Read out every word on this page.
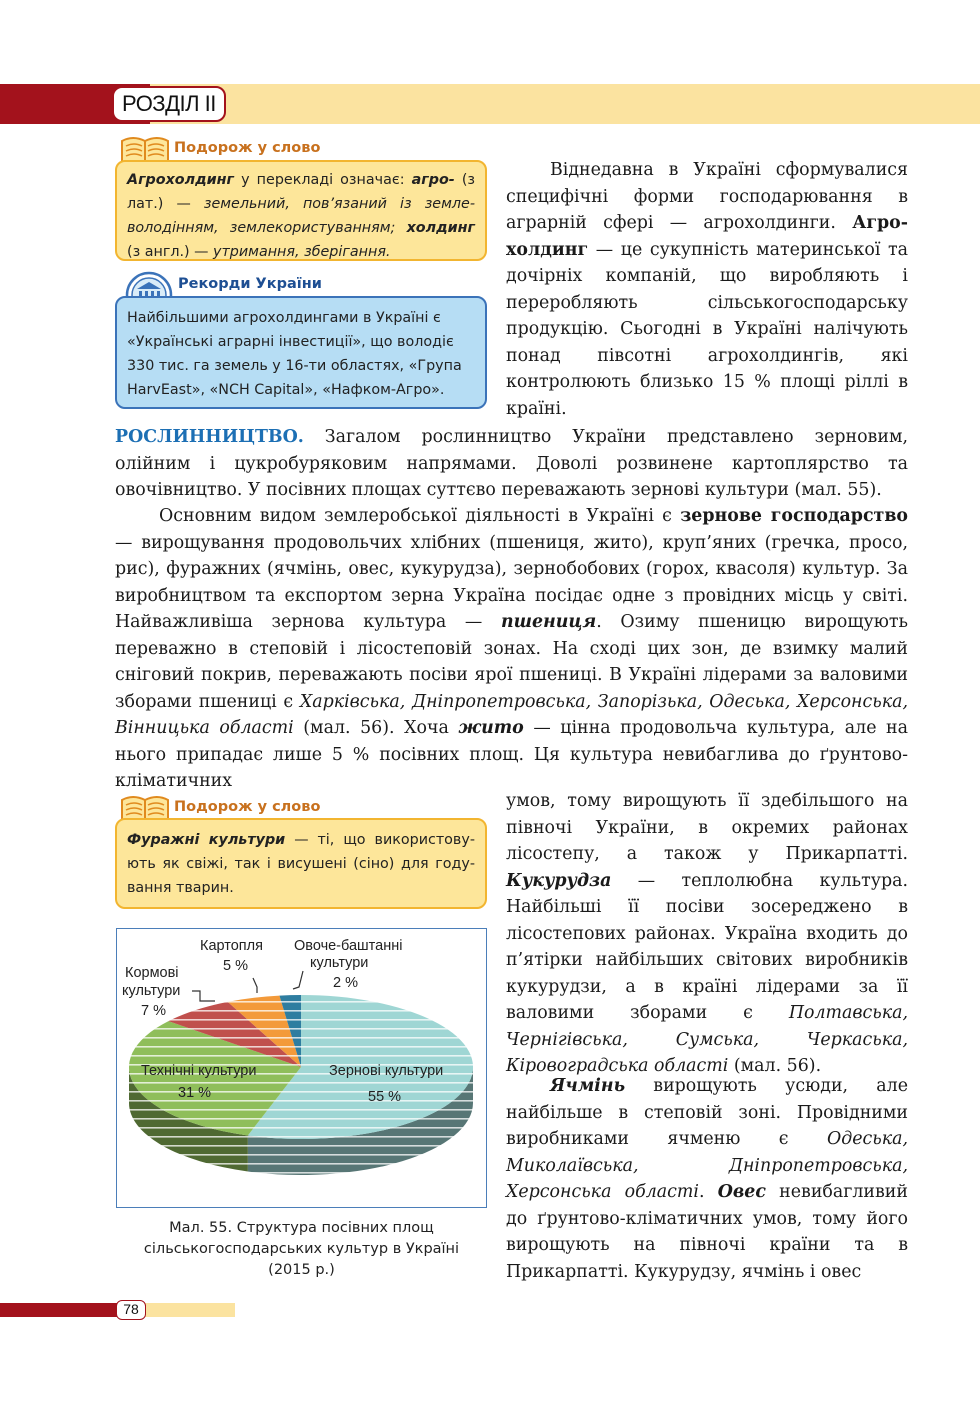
РОЗДІЛ ІІ
Подорож у слово
Агрохолдинг у перекладі означає: агро- (з лат.) — земельний, пов’язаний із землеволодінням, землекористуванням; холдинг (з англ.) — утримання, зберігання.
Рекорди України
Найбільшими агрохолдингами в Україні є «Українські аграрні інвестиції», що володіє 330 тис. га земель у 16-ти областях, «Група HarvEast», «NCH Capital», «Нафком-Агро».
Віднедавна в Україні сформувалися специфічні форми господарювання в аграрній сфері — агрохолдинги. Агрохолдинг — це сукупність материнської та дочірніх компаній, що виробляють і переробляють сільськогосподарську продукцію. Сьогодні в Україні налічують понад півсотні агрохолдингів, які контролюють близько 15 % площі ріллі в країні.
РОСЛИННИЦТВО. Загалом рослинництво України представлено зерновим, олійним і цукробуряковим напрямами. Доволі розвинене картоплярство та овочівництво. У посівних площах суттєво переважають зернові культури (мал. 55).
Основним видом землеробської діяльності в Україні є зернове господарство — вирощування продовольчих хлібних (пшениця, жито), круп’яних (гречка, просо, рис), фуражних (ячмінь, овес, кукурудза), зернобобових (горох, квасоля) культур. За виробництвом та експортом зерна Україна посідає одне з провідних місць у світі. Найважливіша зернова культура — пшениця. Озиму пшеницю вирощують переважно в степовій і лісостеповій зонах. На сході цих зон, де взимку малий сніговий покрив, переважають посіви ярої пшениці. В Україні лідерами за валовими зборами пшениці є Харківська, Дніпропетровська, Запорізька, Одеська, Херсонська, Вінницька області (мал. 56). Хоча жито — цінна продовольча культура, але на нього припадає лише 5 % посівних площ. Ця культура невибаглива до ґрунтово-кліматичних
Подорож у слово
Фуражні культури — ті, що використовують як свіжі, так і висушені (сіно) для годування тварин.
умов, тому вирощують її здебільшого на півночі України, в окремих районах лісостепу, а також у Прикарпатті. Кукурудза — теплолюбна культура. Найбільші її посіви зосереджено в лісостепових районах. Україна входить до п’ятірки найбільших світових виробників кукурудзи, а в країні лідерами за її валовими зборами є Полтавська, Чернігівська, Сумська, Черкаська, Кіровоградська області (мал. 56).
Ячмінь вирощують усюди, але найбільше в степовій зоні. Провідними виробниками ячменю є Одеська, Миколаївська, Дніпропетровська, Херсонська області. Овес невибагливий до ґрунтово-кліматичних умов, тому його вирощують на півночі країни та в Прикарпатті. Кукурудзу, ячмінь і овес
Картопля
5 %
Овоче-баштанні
культури
2 %
Кормові
культури
7 %
Технічні культури
31 %
Зернові культури
55 %
Мал. 55. Структура посівних площ
сільськогосподарських культур в Україні
(2015 р.)
78
